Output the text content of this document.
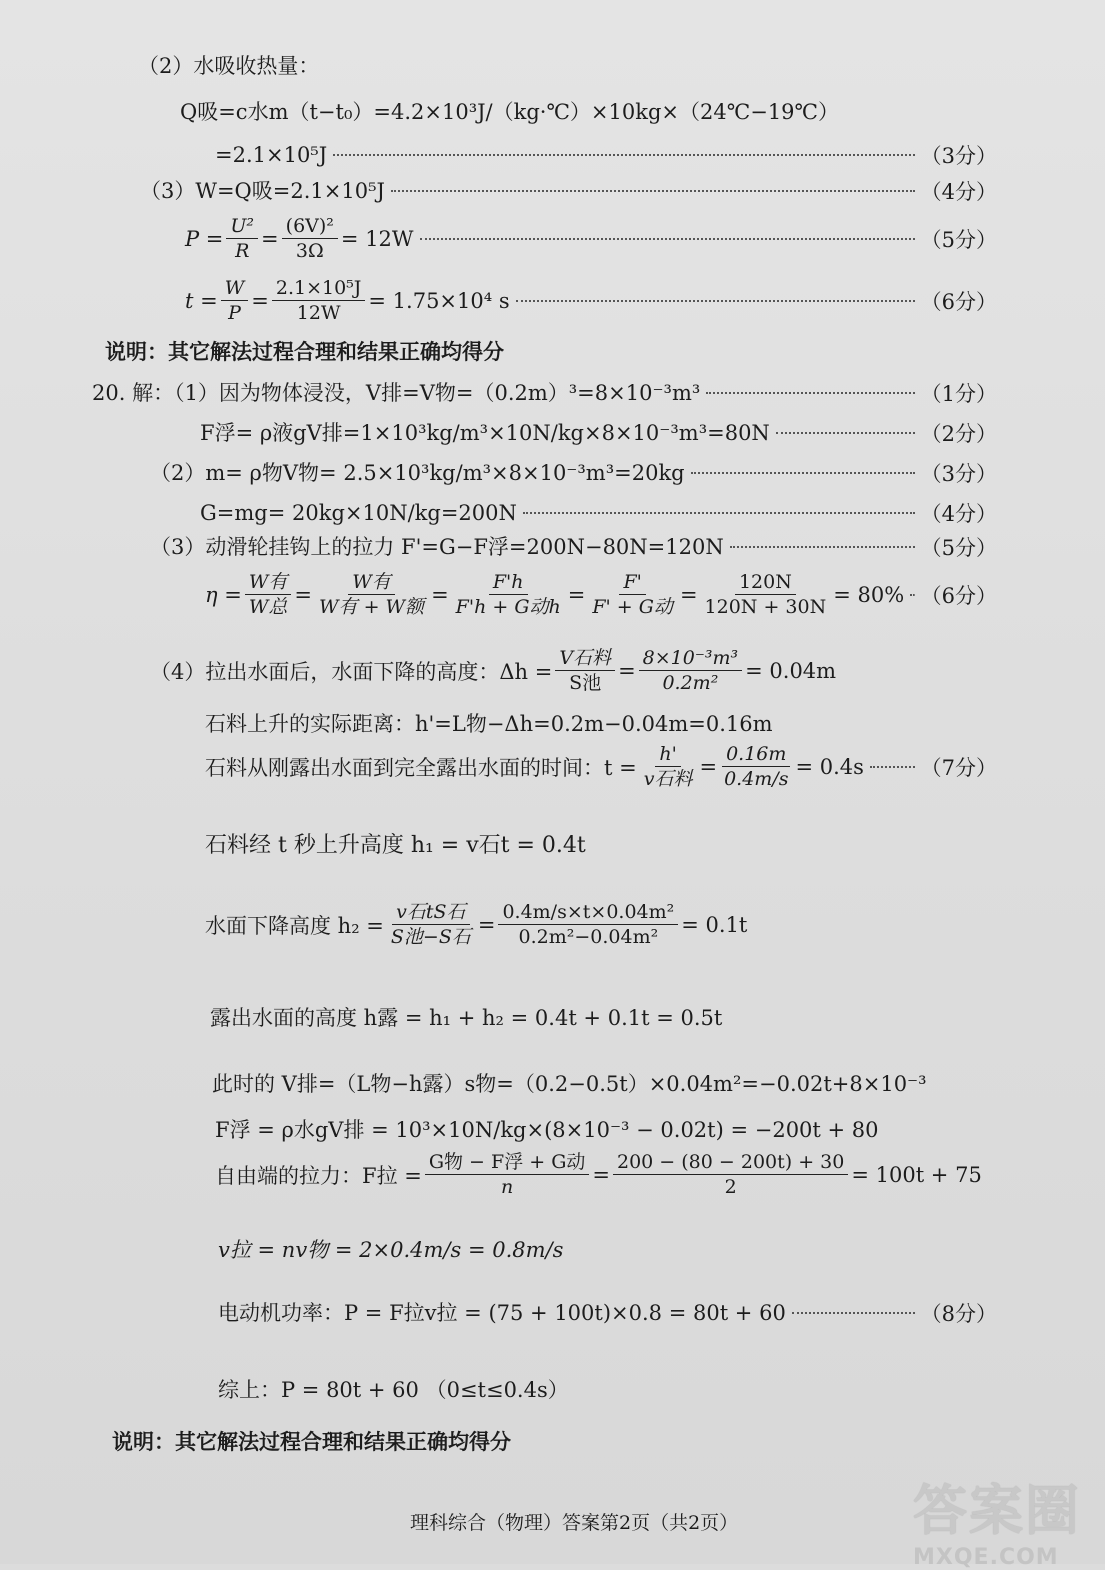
（2）水吸收热量：
Q吸=c水m（t−t₀）=4.2×10³J/（kg·℃）×10kg×（24℃−19℃）
=2.1×10⁵J	（3分）
（3）W=Q吸=2.1×10⁵J	（4分）
$P = \frac{\text{U²}}{R} = \frac{\text{(6V)²}}{3\Omega} = 12W$	（5分）
$t = \frac{W}{P} = \frac{\text{2.1×10⁵J}}{12W} = 1.75\times 10^4$ s	（6分）
说明：其它解法过程合理和结果正确均得分
20. 解：（1）因为物体浸没，V排=V物=（0.2m）³=8×10⁻³m³	（1分）
F浮= ρ液gV排=1×10³kg/m³×10N/kg×8×10⁻³m³=80N	（2分）
（2）m= ρ物V物= 2.5×10³kg/m³×8×10⁻³m³=20kg	（3分）
G=mg= 20kg×10N/kg=200N	（4分）
（3）动滑轮挂钩上的拉力 F'=G−F浮=200N−80N=120N	（5分）
$\eta = \frac{\text{W有}}{\text{W总}} = \frac{\text{W有}}{\text{W有 + W额}} = \frac{F'h}{\text{F'h + G动h}} = \frac{F'}{\text{F' + G动}} = \frac{120N}{120N + 30N} = 80\%$ （6分）
（4）拉出水面后，水面下降的高度：$\Delta h = \frac{\text{V石料}}{\text{S池}} = \frac{\text{8×10⁻³m³}}{\text{0.2m²}} = 0.04m$
石料上升的实际距离：h'=L物−Δh=0.2m−0.04m=0.16m
石料从刚露出水面到完全露出水面的时间：$t = \frac{h'}{\text{v石料}} = \frac{0.16m}{0.4m/s} = 0.4s$	（7分）
石料经 t 秒上升高度 h₁ = v石t = 0.4t
水面下降高度 $h_2 = \frac{\text{v石tS石}}{\text{S池−S石}} = \frac{\text{0.4m/s×t×0.04m²}}{\text{0.2m²−0.04m²}} = 0.1t$
露出水面的高度 h露 = h₁ + h₂ = 0.4t + 0.1t = 0.5t
此时的 V排=（L物−h露）s物=（0.2−0.5t）×0.04m²=−0.02t+8×10⁻³
F浮 = ρ水gV排 = 10³×10N/kg×(8×10⁻³ − 0.02t) = −200t + 80
自由端的拉力：F拉 = $\frac{\text{G物 − F浮 + G动}}{n} = \frac{200 - (80 - 200t) + 30}{2} = 100t + 75$
v拉 = nv物 = 2×0.4m/s = 0.8m/s
电动机功率：P = F拉v拉 = (75 + 100t)×0.8 = 80t + 60	（8分）
综上：P = 80t + 60 （0≤t≤0.4s）
说明：其它解法过程合理和结果正确均得分
理科综合（物理）答案第2页（共2页）	答案圈
MXQE.COM
